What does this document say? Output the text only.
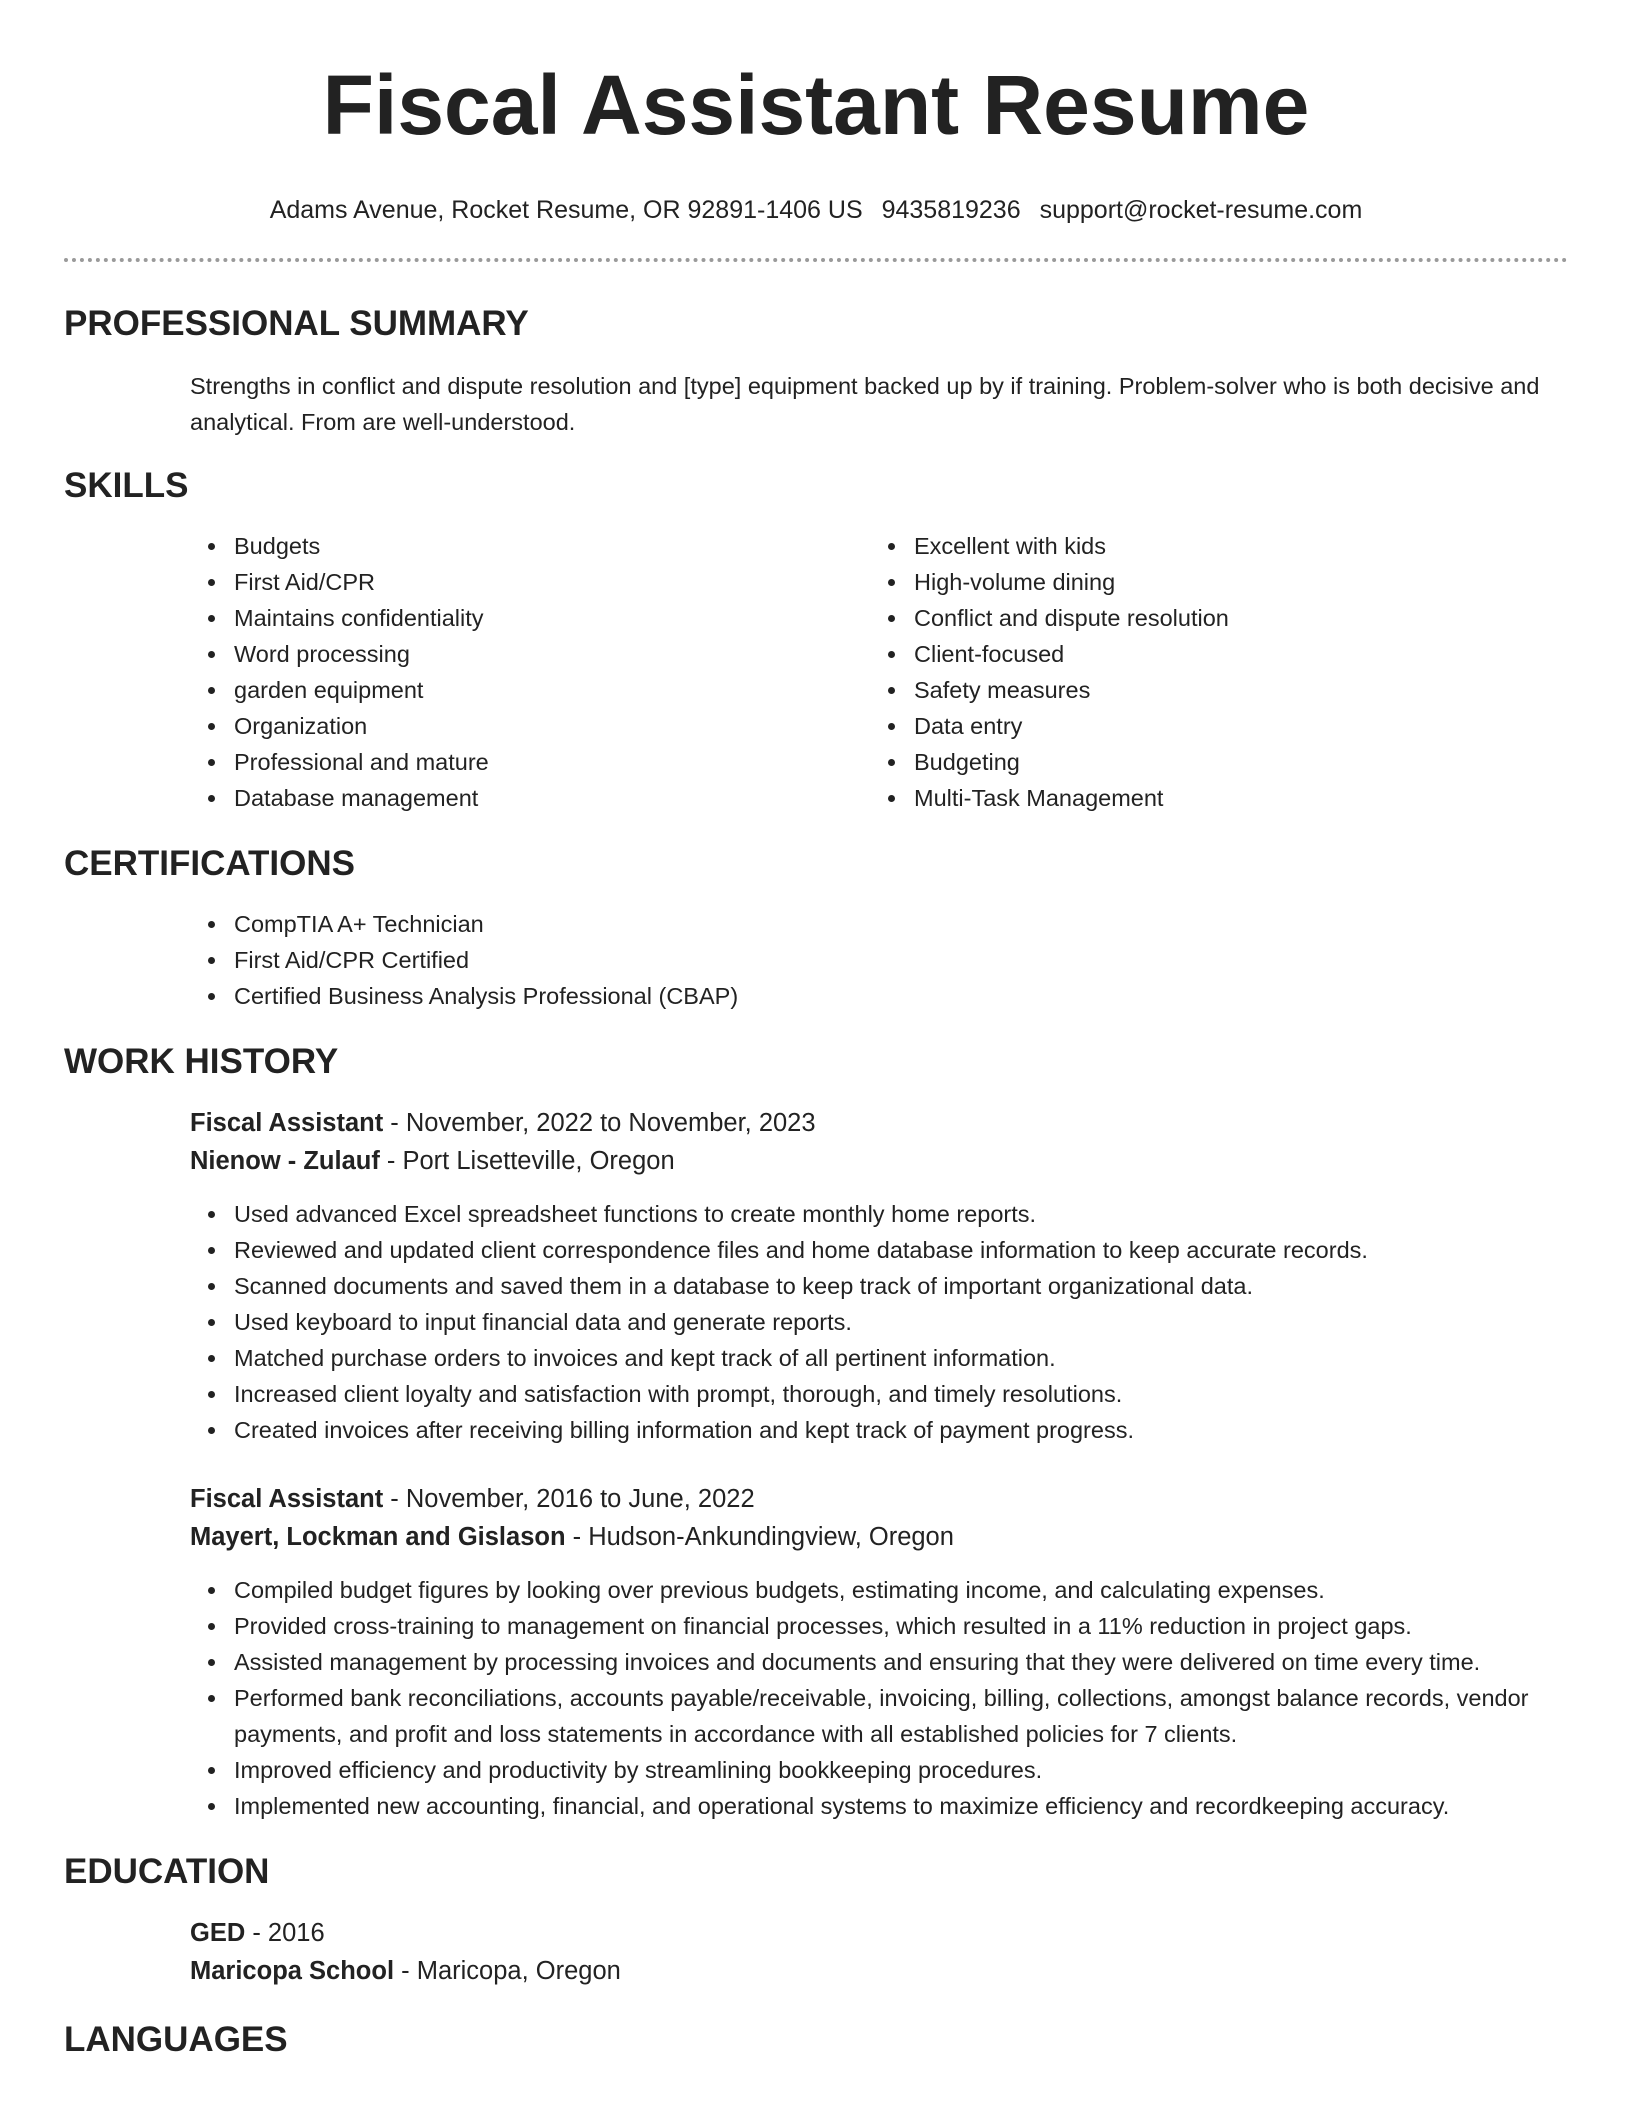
Fiscal Assistant Resume
Adams Avenue, Rocket Resume, OR 92891-1406 US 9435819236 support@rocket-resume.com
PROFESSIONAL SUMMARY

Strengths in conflict and dispute resolution and [type] equipment backed up by if training. Problem-solver who is both decisive and analytical. From are well-understood.

SKILLS
Budgets
First Aid/CPR
Maintains confidentiality
Word processing
garden equipment
Organization
Professional and mature
Database management
Excellent with kids
High-volume dining
Conflict and dispute resolution
Client-focused
Safety measures
Data entry
Budgeting
Multi-Task Management
CERTIFICATIONS
CompTIA A+ Technician
First Aid/CPR Certified
Certified Business Analysis Professional (CBAP)
WORK HISTORY
Fiscal Assistant - November, 2022 to November, 2023
Nienow - Zulauf - Port Lisetteville, Oregon
Used advanced Excel spreadsheet functions to create monthly home reports.
Reviewed and updated client correspondence files and home database information to keep accurate records.
Scanned documents and saved them in a database to keep track of important organizational data.
Used keyboard to input financial data and generate reports.
Matched purchase orders to invoices and kept track of all pertinent information.
Increased client loyalty and satisfaction with prompt, thorough, and timely resolutions.
Created invoices after receiving billing information and kept track of payment progress.
Fiscal Assistant - November, 2016 to June, 2022
Mayert, Lockman and Gislason - Hudson-Ankundingview, Oregon
Compiled budget figures by looking over previous budgets, estimating income, and calculating expenses.
Provided cross-training to management on financial processes, which resulted in a 11% reduction in project gaps.
Assisted management by processing invoices and documents and ensuring that they were delivered on time every time.
Performed bank reconciliations, accounts payable/receivable, invoicing, billing, collections, amongst balance records, vendor payments, and profit and loss statements in accordance with all established policies for 7 clients.
Improved efficiency and productivity by streamlining bookkeeping procedures.
Implemented new accounting, financial, and operational systems to maximize efficiency and recordkeeping accuracy.
EDUCATION
GED - 2016
Maricopa School - Maricopa, Oregon
LANGUAGES
